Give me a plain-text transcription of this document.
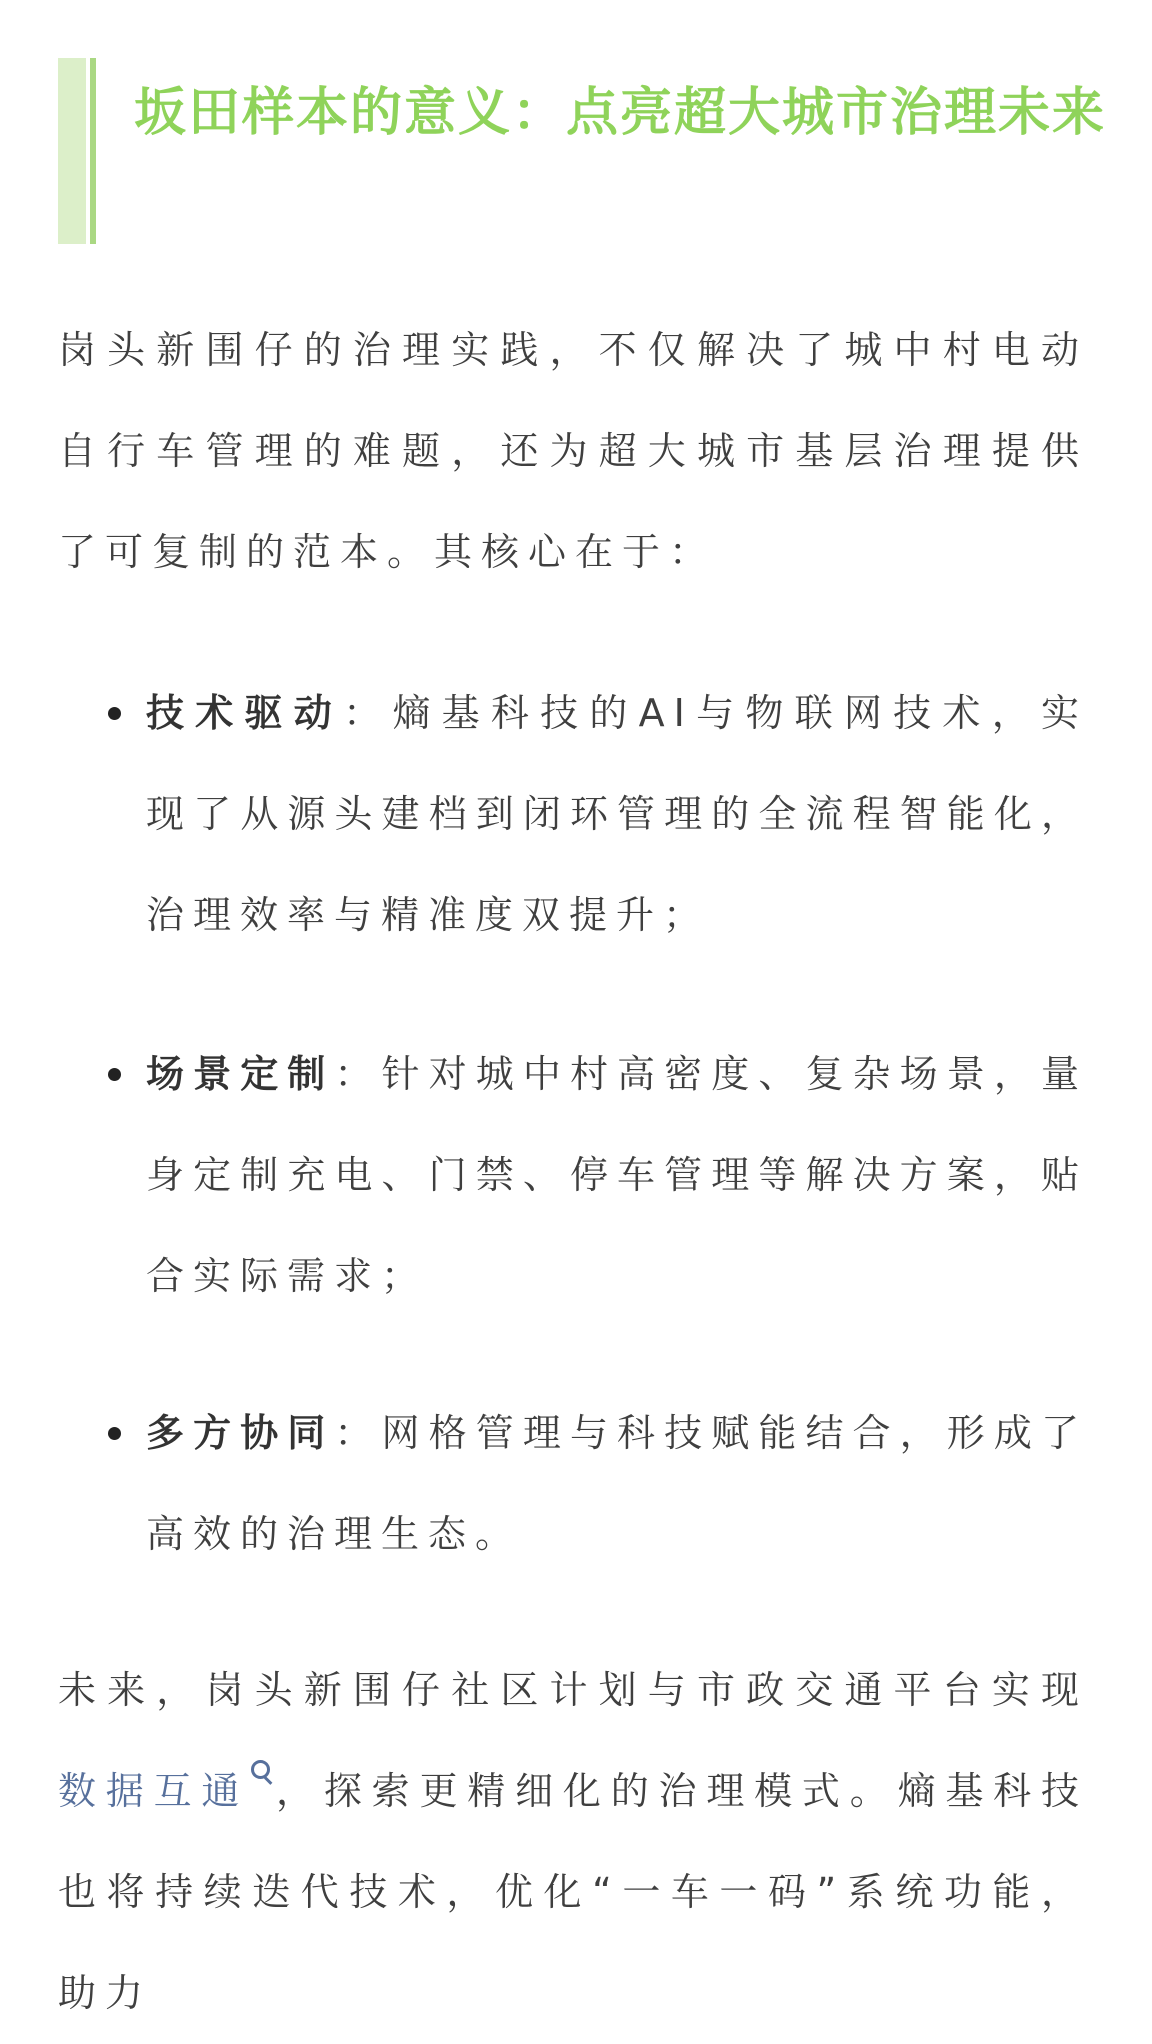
坂田样本的意义：点亮超大城市治理未来

岗头新围仔的治理实践，不仅解决了城中村电动自行车管理的难题，还为超大城市基层治理提供了可复制的范本。其核心在于：

技术驱动：熵基科技的AI与物联网技术，实现了从源头建档到闭环管理的全流程智能化，治理效率与精准度双提升；

场景定制：针对城中村高密度、复杂场景，量身定制充电、门禁、停车管理等解决方案，贴合实际需求；

多方协同：网格管理与科技赋能结合，形成了高效的治理生态。

未来，岗头新围仔社区计划与市政交通平台实现数据互通 ，探索更精细化的治理模式。熵基科技也将持续迭代技术，优化“一车一码”系统功能，助力
